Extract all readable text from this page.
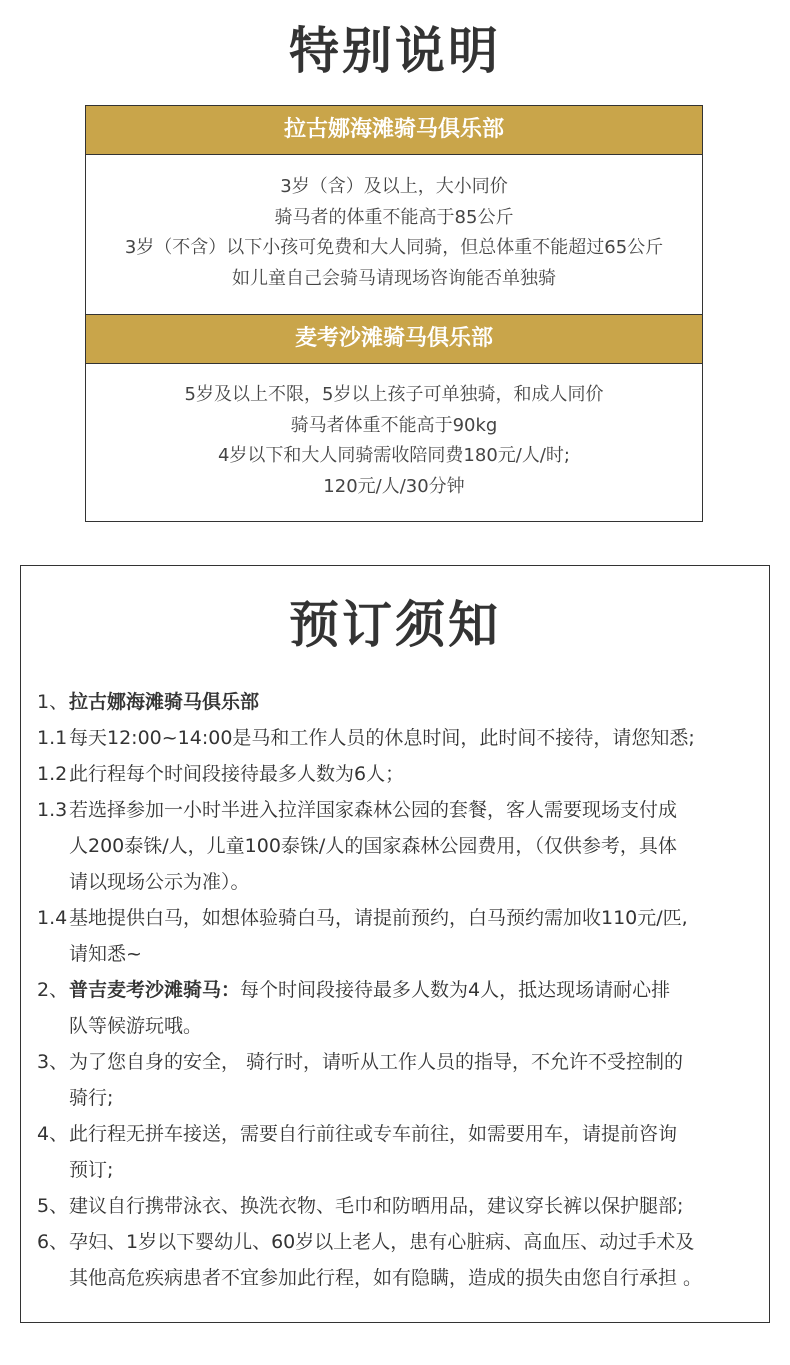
特别说明
拉古娜海滩骑马俱乐部
3岁（含）及以上，大小同价
骑马者的体重不能高于85公斤
3岁（不含）以下小孩可免费和大人同骑，但总体重不能超过65公斤
如儿童自己会骑马请现场咨询能否单独骑
麦考沙滩骑马俱乐部
5岁及以上不限，5岁以上孩子可单独骑，和成人同价
骑马者体重不能高于90kg
4岁以下和大人同骑需收陪同费180元/人/时;
120元/人/30分钟
预订须知
1、 拉古娜海滩骑马俱乐部
1.1 每天12:00~14:00是马和工作人员的休息时间，此时间不接待，请您知悉;
1.2 此行程每个时间段接待最多人数为6人；
1.3 若选择参加一小时半进入拉洋国家森林公园的套餐，客人需要现场支付成
人200泰铢/人，儿童100泰铢/人的国家森林公园费用，（仅供参考，具体
请以现场公示为准）。
1.4 基地提供白马，如想体验骑白马，请提前预约，白马预约需加收110元/匹,
请知悉~
2、 普吉麦考沙滩骑马：每个时间段接待最多人数为4人，抵达现场请耐心排
队等候游玩哦。
3、 为了您自身的安全， 骑行时，请听从工作人员的指导，不允许不受控制的
骑行;
4、 此行程无拼车接送，需要自行前往或专车前往，如需要用车，请提前咨询
预订;
5、 建议自行携带泳衣、换洗衣物、毛巾和防晒用品，建议穿长裤以保护腿部;
6、 孕妇、1岁以下婴幼儿、60岁以上老人，患有心脏病、高血压、动过手术及
其他高危疾病患者不宜参加此行程，如有隐瞒，造成的损失由您自行承担 。
